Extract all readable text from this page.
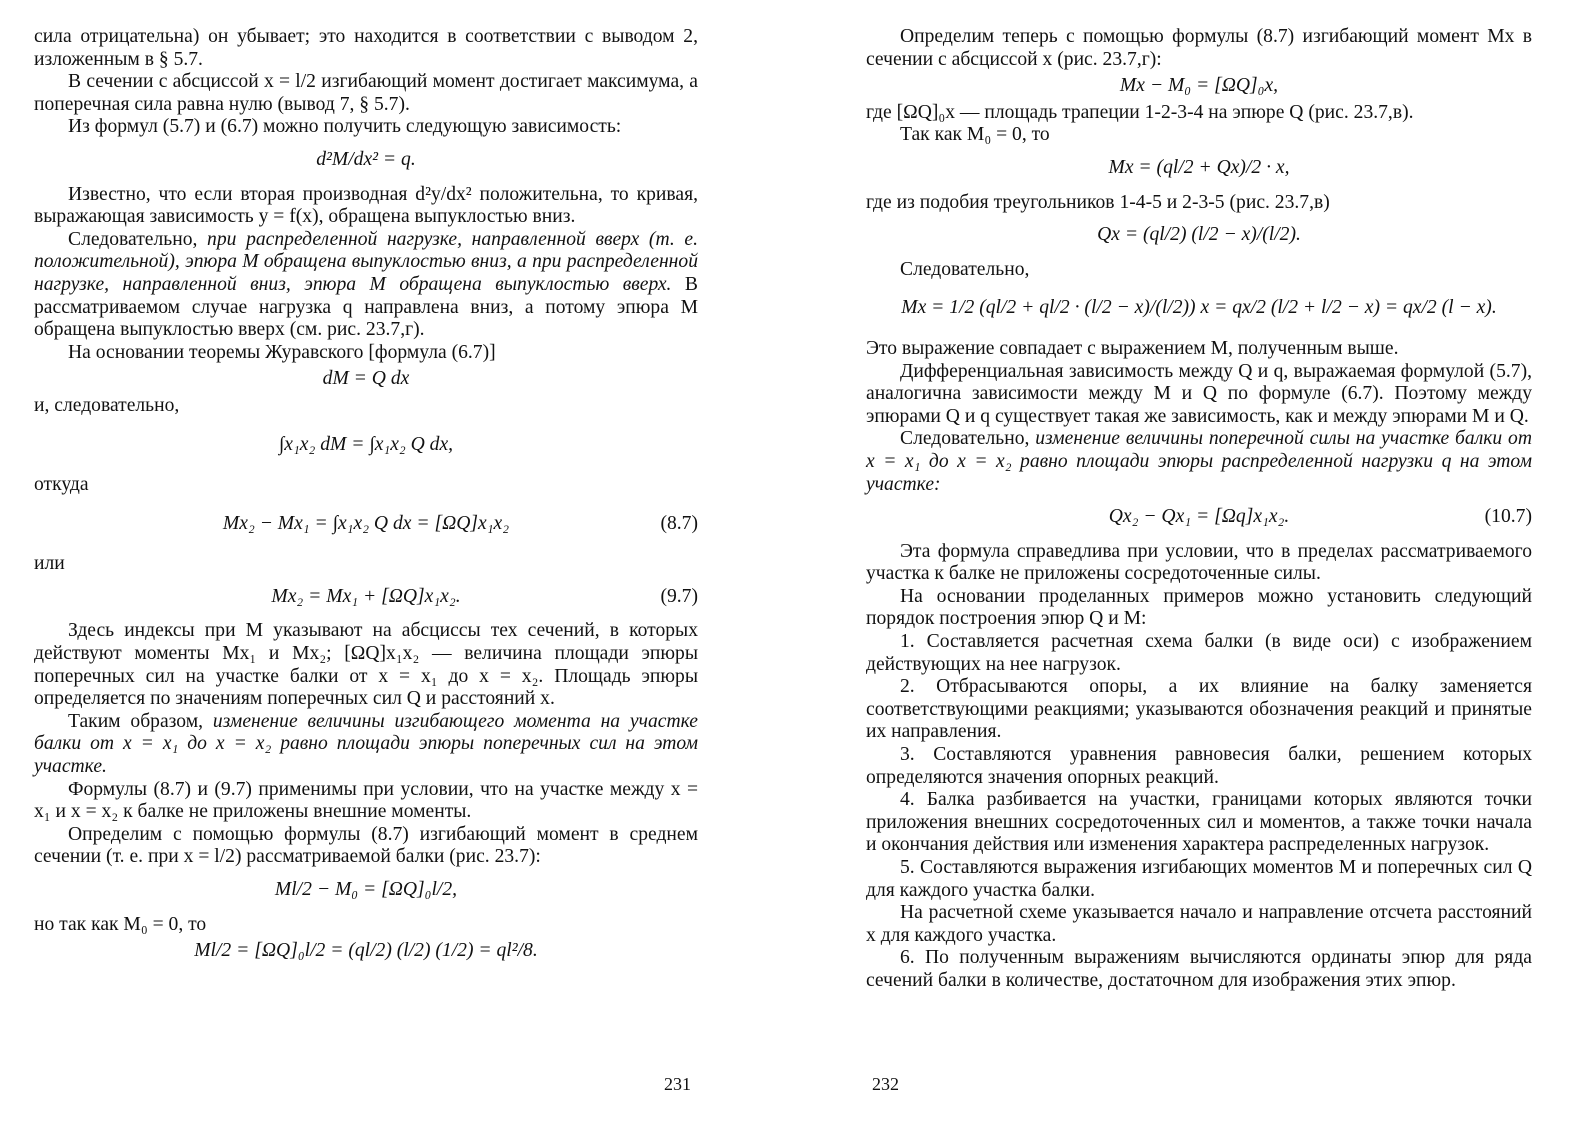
сила отрицательна) он убывает; это находится в соответствии с выводом 2, изложенным в § 5.7.

В сечении с абсциссой x = l/2 изгибающий момент достигает максимума, а поперечная сила равна нулю (вывод 7, § 5.7).

Из формул (5.7) и (6.7) можно получить следующую зависимость:

d²M/dx² = q.

Известно, что если вторая производная d²y/dx² положительна, то кривая, выражающая зависимость y = f(x), обращена выпуклостью вниз.

Следовательно, при распределенной нагрузке, направленной вверх (т. е. положительной), эпюра M обращена выпуклостью вниз, а при распределенной нагрузке, направленной вниз, эпюра M обращена выпуклостью вверх. В рассматриваемом случае нагрузка q направлена вниз, а потому эпюра M обращена выпуклостью вверх (см. рис. 23.7,г).

На основании теоремы Журавского [формула (6.7)]

dM = Q dx

и, следовательно,

∫x₁x₂ dM = ∫x₁x₂ Q dx,

откуда

Mx₂ − Mx₁ = ∫x₁x₂ Q dx = [ΩQ]x₁x₂	(8.7)

или

Mx₂ = Mx₁ + [ΩQ]x₁x₂.	(9.7)

Здесь индексы при M указывают на абсциссы тех сечений, в которых действуют моменты Mx₁ и Mx₂; [ΩQ]x₁x₂ — величина площади эпюры поперечных сил на участке балки от x = x₁ до x = x₂. Площадь эпюры определяется по значениям поперечных сил Q и расстояний x.

Таким образом, изменение величины изгибающего момента на участке балки от x = x₁ до x = x₂ равно площади эпюры поперечных сил на этом участке.

Формулы (8.7) и (9.7) применимы при условии, что на участке между x = x₁ и x = x₂ к балке не приложены внешние моменты.

Определим с помощью формулы (8.7) изгибающий момент в среднем сечении (т. е. при x = l/2) рассматриваемой балки (рис. 23.7):

Ml/2 − M₀ = [ΩQ]₀l/2,

но так как M₀ = 0, то

Ml/2 = [ΩQ]₀l/2 = (ql/2) (l/2) (1/2) = ql²/8.
231

Определим теперь с помощью формулы (8.7) изгибающий момент Mx в сечении с абсциссой x (рис. 23.7,г):

Mx − M₀ = [ΩQ]₀x,

где [ΩQ]₀x — площадь трапеции 1-2-3-4 на эпюре Q (рис. 23.7,в).

Так как M₀ = 0, то

Mx = (ql/2 + Qx)/2 · x,

где из подобия треугольников 1-4-5 и 2-3-5 (рис. 23.7,в)

Qx = (ql/2) (l/2 − x)/(l/2).

Следовательно,

Mx = 1/2 (ql/2 + ql/2 · (l/2 − x)/(l/2)) x = qx/2 (l/2 + l/2 − x) = qx/2 (l − x).

Это выражение совпадает с выражением M, полученным выше.

Дифференциальная зависимость между Q и q, выражаемая формулой (5.7), аналогична зависимости между M и Q по формуле (6.7). Поэтому между эпюрами Q и q существует такая же зависимость, как и между эпюрами M и Q.

Следовательно, изменение величины поперечной силы на участке балки от x = x₁ до x = x₂ равно площади эпюры распределенной нагрузки q на этом участке:

Qx₂ − Qx₁ = [Ωq]x₁x₂.	(10.7)

Эта формула справедлива при условии, что в пределах рассматриваемого участка к балке не приложены сосредоточенные силы.

На основании проделанных примеров можно установить следующий порядок построения эпюр Q и M:

1. Составляется расчетная схема балки (в виде оси) с изображением действующих на нее нагрузок.

2. Отбрасываются опоры, а их влияние на балку заменяется соответствующими реакциями; указываются обозначения реакций и принятые их направления.

3. Составляются уравнения равновесия балки, решением которых определяются значения опорных реакций.

4. Балка разбивается на участки, границами которых являются точки приложения внешних сосредоточенных сил и моментов, а также точки начала и окончания действия или изменения характера распределенных нагрузок.

5. Составляются выражения изгибающих моментов M и поперечных сил Q для каждого участка балки.

На расчетной схеме указывается начало и направление отсчета расстояний x для каждого участка.

6. По полученным выражениям вычисляются ординаты эпюр для ряда сечений балки в количестве, достаточном для изображения этих эпюр.

232
